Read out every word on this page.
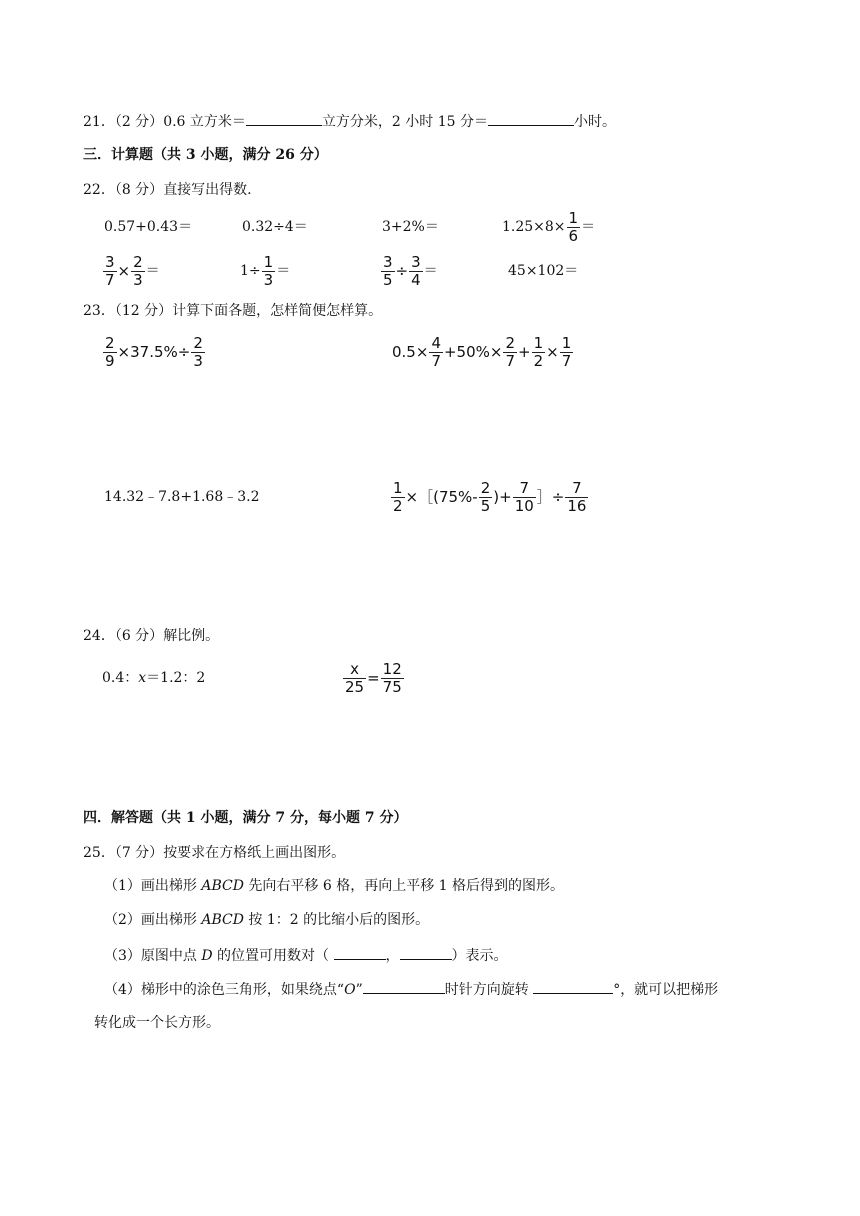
21．（2 分）0.6 立方米＝	立方分米，2 小时 15 分＝	小时。
三．计算题（共 3 小题，满分 26 分）
22．（8 分）直接写出得数.
0.57+0.43＝	0.32÷4＝	3+2%＝	$1.25\times 8\times \frac{1}{6}$ ＝
$\frac{3}{7} \times \frac{2}{3}$ ＝	$1\div \frac{1}{3}$ ＝	$\frac{3}{5} \div \frac{3}{4}$ ＝	45×102＝
23．（12 分）计算下面各题，怎样简便怎样算。
$\frac{2}{9} \times 37.5\%\div \frac{2}{3}$	$0.5\times \frac{4}{7} +50\%\times \frac{2}{7} + \frac{1}{2} \times \frac{1}{7}$
14.32﹣7.8+1.68﹣3.2	$\frac{1}{2}$ ×［(75%- $\frac{2}{5}$ )+ $\frac{7}{10}$ ］÷ $\frac{7}{16}$
24．（6 分）解比例。
0.4：x＝1.2：2	$\frac{x}{25} = \frac{12}{75}$
四．解答题（共 1 小题，满分 7 分，每小题 7 分）
25．（7 分）按要求在方格纸上画出图形。
（1）画出梯形 ABCD 先向右平移 6 格，再向上平移 1 格后得到的图形。
（2）画出梯形 ABCD 按 1：2 的比缩小后的图形。
（3）原图中点 D 的位置可用数对（	，	）表示。
（4）梯形中的涂色三角形，如果绕点“O”	时针方向旋转	°，就可以把梯形
转化成一个长方形。
